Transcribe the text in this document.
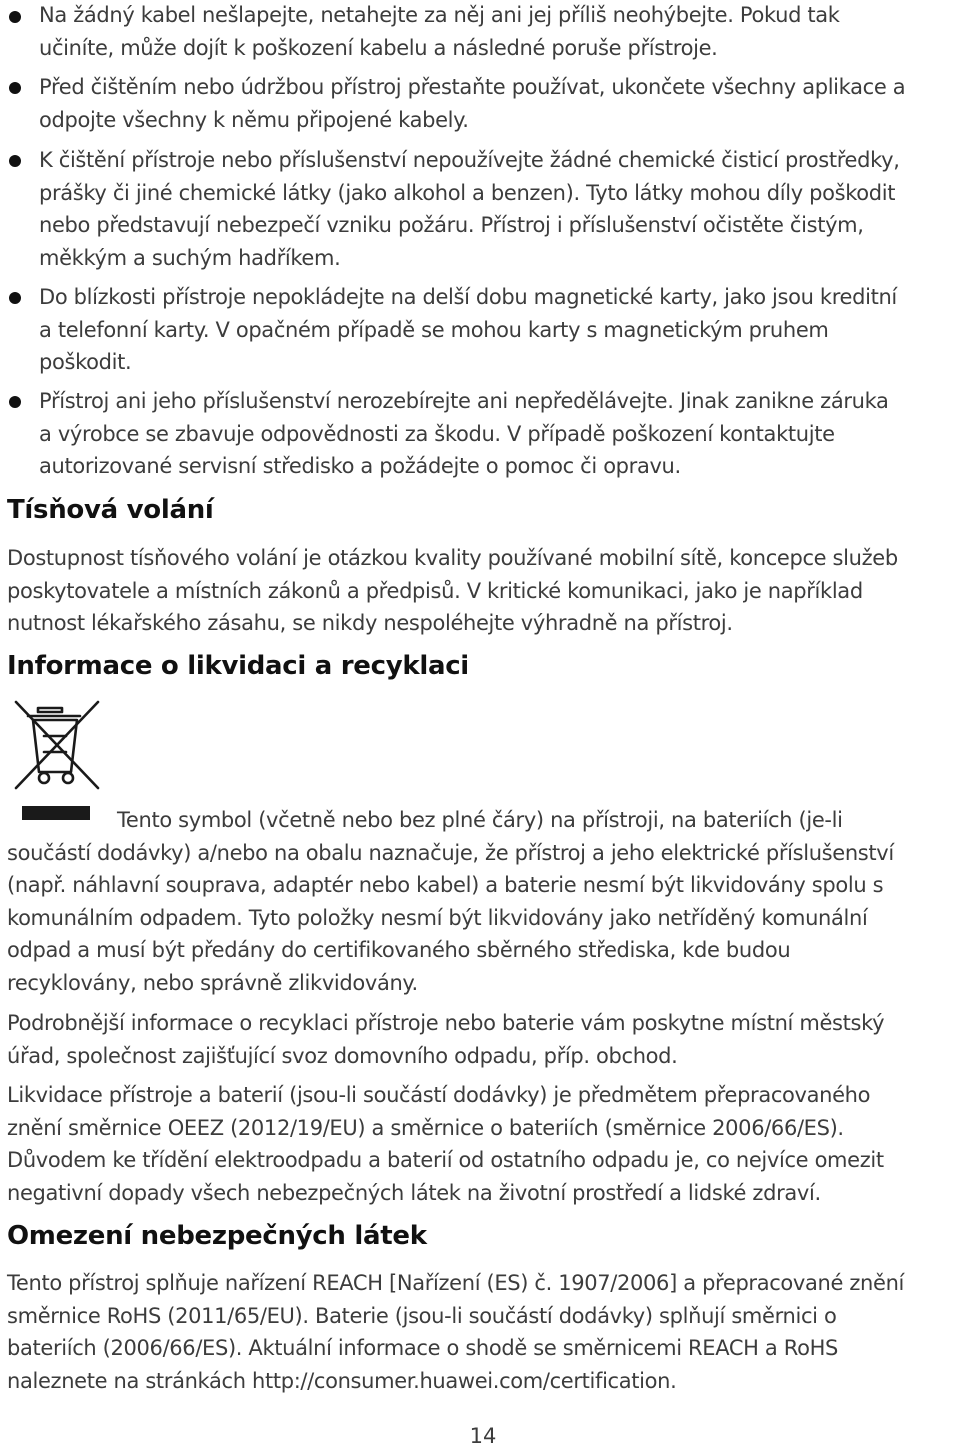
Na žádný kabel nešlapejte, netahejte za něj ani jej příliš neohýbejte. Pokud tak
učiníte, může dojít k poškození kabelu a následné poruše přístroje.
Před čištěním nebo údržbou přístroj přestaňte používat, ukončete všechny aplikace a
odpojte všechny k němu připojené kabely.
K čištění přístroje nebo příslušenství nepoužívejte žádné chemické čisticí prostředky,
prášky či jiné chemické látky (jako alkohol a benzen). Tyto látky mohou díly poškodit
nebo představují nebezpečí vzniku požáru. Přístroj i příslušenství očistěte čistým,
měkkým a suchým hadříkem.
Do blízkosti přístroje nepokládejte na delší dobu magnetické karty, jako jsou kreditní
a telefonní karty. V opačném případě se mohou karty s magnetickým pruhem
poškodit.
Přístroj ani jeho příslušenství nerozebírejte ani nepředělávejte. Jinak zanikne záruka
a výrobce se zbavuje odpovědnosti za škodu. V případě poškození kontaktujte
autorizované servisní středisko a požádejte o pomoc či opravu.
Tísňová volání
Dostupnost tísňového volání je otázkou kvality používané mobilní sítě, koncepce služeb
poskytovatele a místních zákonů a předpisů. V kritické komunikaci, jako je například
nutnost lékařského zásahu, se nikdy nespoléhejte výhradně na přístroj.
Informace o likvidaci a recyklaci
Tento symbol (včetně nebo bez plné čáry) na přístroji, na bateriích (je-li
součástí dodávky) a/nebo na obalu naznačuje, že přístroj a jeho elektrické příslušenství
(např. náhlavní souprava, adaptér nebo kabel) a baterie nesmí být likvidovány spolu s
komunálním odpadem. Tyto položky nesmí být likvidovány jako netříděný komunální
odpad a musí být předány do certifikovaného sběrného střediska, kde budou
recyklovány, nebo správně zlikvidovány.
Podrobnější informace o recyklaci přístroje nebo baterie vám poskytne místní městský
úřad, společnost zajišťující svoz domovního odpadu, příp. obchod.
Likvidace přístroje a baterií (jsou-li součástí dodávky) je předmětem přepracovaného
znění směrnice OEEZ (2012/19/EU) a směrnice o bateriích (směrnice 2006/66/ES).
Důvodem ke třídění elektroodpadu a baterií od ostatního odpadu je, co nejvíce omezit
negativní dopady všech nebezpečných látek na životní prostředí a lidské zdraví.
Omezení nebezpečných látek
Tento přístroj splňuje nařízení REACH [Nařízení (ES) č. 1907/2006] a přepracované znění
směrnice RoHS (2011/65/EU). Baterie (jsou-li součástí dodávky) splňují směrnici o
bateriích (2006/66/ES). Aktuální informace o shodě se směrnicemi REACH a RoHS
naleznete na stránkách http://consumer.huawei.com/certification.
14
